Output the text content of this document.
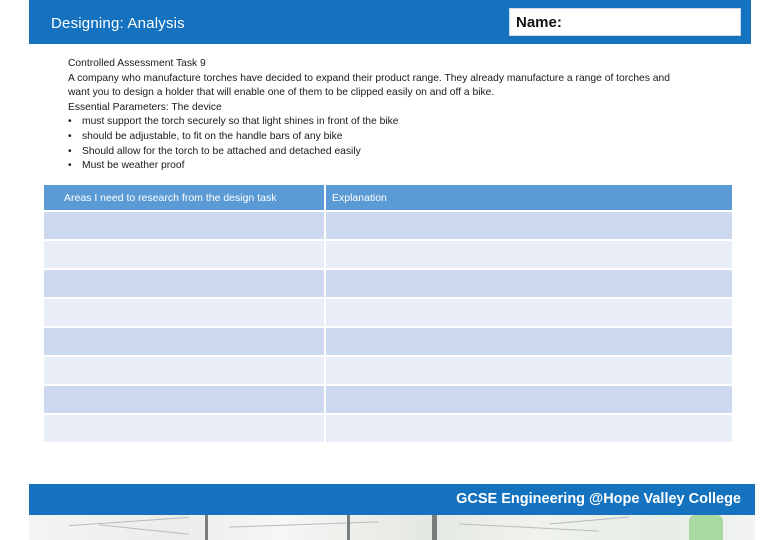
Designing: Analysis	Name:
Controlled Assessment Task 9
A company who manufacture torches have decided to expand their product range. They already manufacture a range of torches and
want you to design a holder that will enable one of them to be clipped easily on and off a bike.
Essential Parameters: The device
• must support the torch securely so that light shines in front of the bike
• should be adjustable, to fit on the handle bars of any bike
• Should allow for the torch to be attached and detached easily
• Must be weather proof
Areas I need to research from the design task	Explanation

GCSE Engineering @Hope Valley College
